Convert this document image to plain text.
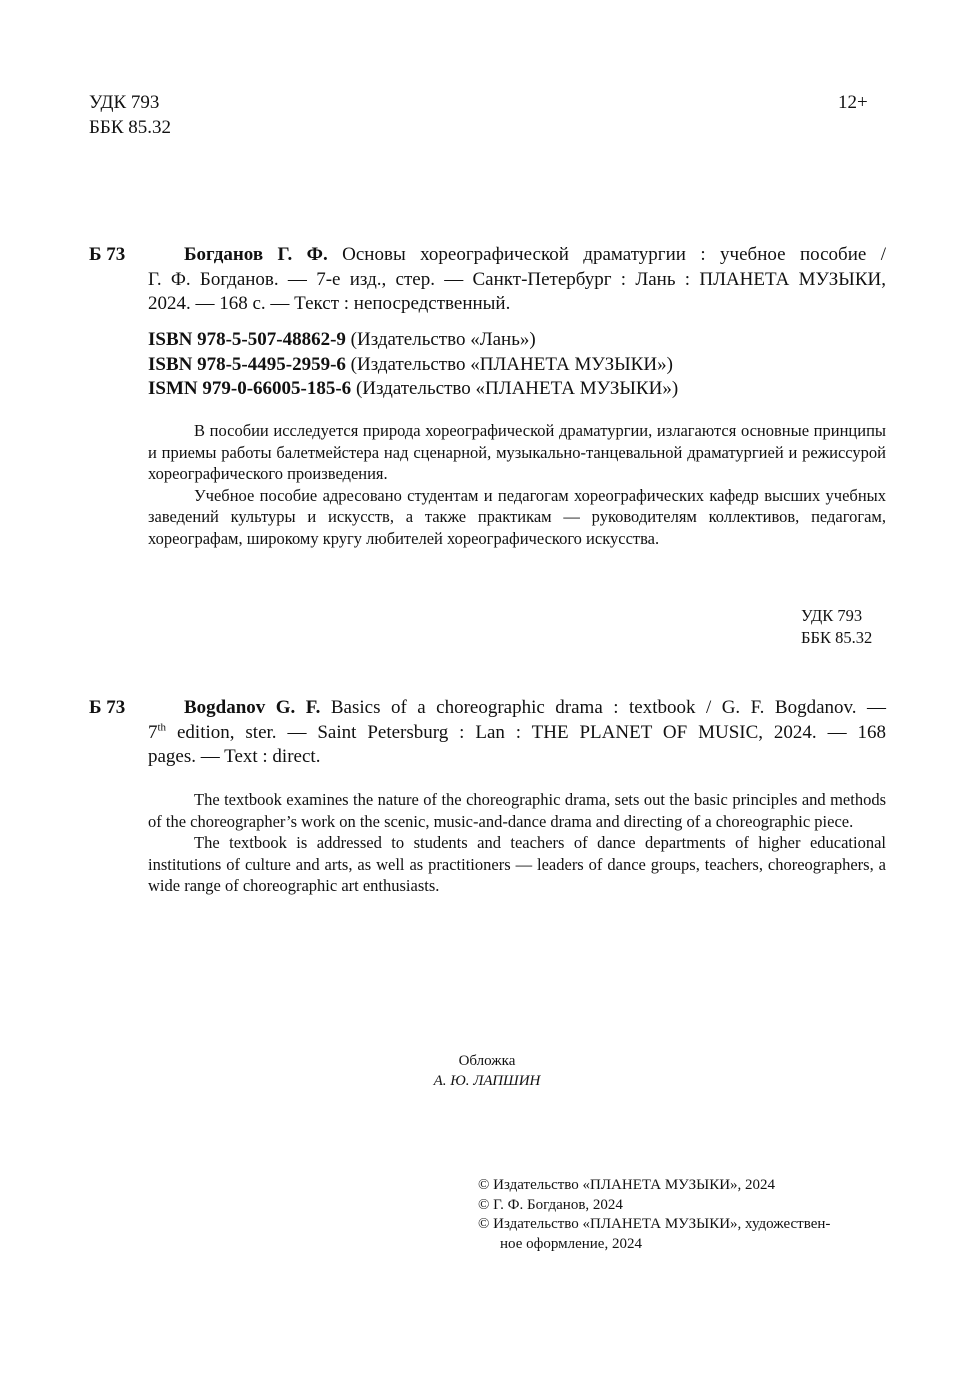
УДК 793
ББК 85.32
12+
Б 73	Богданов Г. Ф. Основы хореографической драматургии : учебное пособие /
Г. Ф. Богданов. — 7-е изд., стер. — Санкт-Петербург : Лань : ПЛАНЕТА МУЗЫКИ,
2024. — 168 с. — Текст : непосредственный.
ISBN 978-5-507-48862-9 (Издательство «Лань»)
ISBN 978-5-4495-2959-6 (Издательство «ПЛАНЕТА МУЗЫКИ»)
ISMN 979-0-66005-185-6 (Издательство «ПЛАНЕТА МУЗЫКИ»)
В пособии исследуется природа хореографической драматургии, излагаются основные принципы и приемы работы балетмейстера над сценарной, музыкально-танцевальной драматургией и режиссурой хореографического произведения.
Учебное пособие адресовано студентам и педагогам хореографических кафедр высших учебных заведений культуры и искусств, а также практикам — руководителям коллективов, педагогам, хореографам, широкому кругу любителей хореографического искусства.
УДК 793
ББК 85.32
Б 73	Bogdanov G. F. Basics of a choreographic drama : textbook / G. F. Bogdanov. —
7th edition, ster. — Saint Petersburg : Lan : THE PLANET OF MUSIC, 2024. — 168
pages. — Text : direct.
The textbook examines the nature of the choreographic drama, sets out the basic principles and methods of the choreographer’s work on the scenic, music-and-dance drama and directing of a choreographic piece.
The textbook is addressed to students and teachers of dance departments of higher educational institutions of culture and arts, as well as practitioners — leaders of dance groups, teachers, choreographers, a wide range of choreographic art enthusiasts.
Обложка
А. Ю. ЛАПШИН
© Издательство «ПЛАНЕТА МУЗЫКИ», 2024
© Г. Ф. Богданов, 2024
© Издательство «ПЛАНЕТА МУЗЫКИ», художествен-
ное оформление, 2024
